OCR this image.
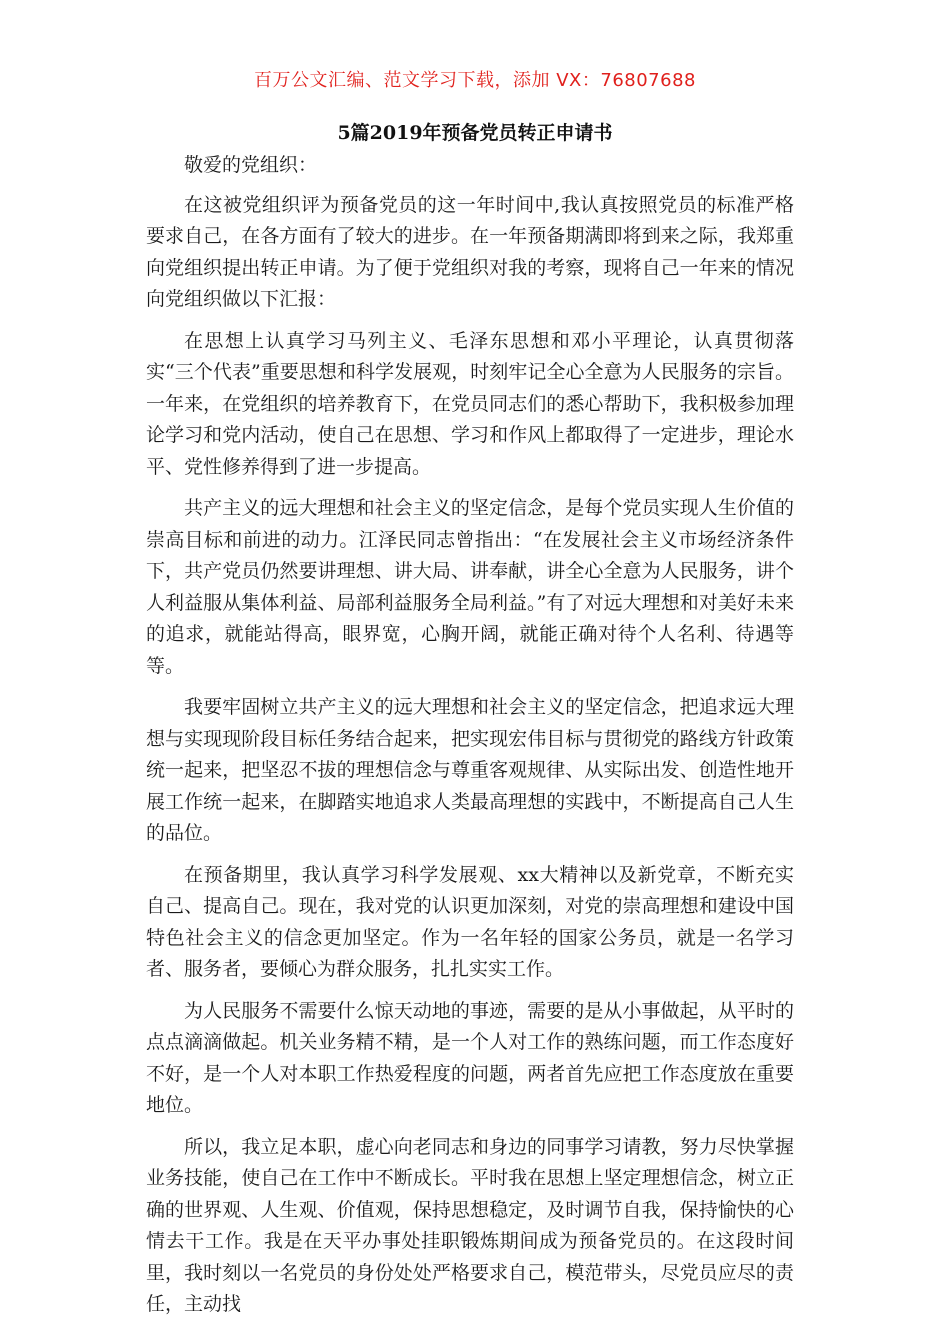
百万公文汇编、范文学习下载，添加 VX：76807688
5篇2019年预备党员转正申请书

敬爱的党组织：

在这被党组织评为预备党员的这一年时间中,我认真按照党员的标准严格要求自己，在各方面有了较大的进步。在一年预备期满即将到来之际，我郑重向党组织提出转正申请。为了便于党组织对我的考察，现将自己一年来的情况向党组织做以下汇报：

在思想上认真学习马列主义、毛泽东思想和邓小平理论，认真贯彻落实“三个代表”重要思想和科学发展观，时刻牢记全心全意为人民服务的宗旨。一年来，在党组织的培养教育下，在党员同志们的悉心帮助下，我积极参加理论学习和党内活动，使自己在思想、学习和作风上都取得了一定进步，理论水平、党性修养得到了进一步提高。

共产主义的远大理想和社会主义的坚定信念，是每个党员实现人生价值的崇高目标和前进的动力。江泽民同志曾指出：“在发展社会主义市场经济条件下，共产党员仍然要讲理想、讲大局、讲奉献，讲全心全意为人民服务，讲个人利益服从集体利益、局部利益服务全局利益。”有了对远大理想和对美好未来的追求，就能站得高，眼界宽，心胸开阔，就能正确对待个人名利、待遇等等。

我要牢固树立共产主义的远大理想和社会主义的坚定信念，把追求远大理想与实现现阶段目标任务结合起来，把实现宏伟目标与贯彻党的路线方针政策统一起来，把坚忍不拔的理想信念与尊重客观规律、从实际出发、创造性地开展工作统一起来，在脚踏实地追求人类最高理想的实践中，不断提高自己人生的品位。

在预备期里，我认真学习科学发展观、xx大精神以及新党章，不断充实自己、提高自己。现在，我对党的认识更加深刻，对党的崇高理想和建设中国特色社会主义的信念更加坚定。作为一名年轻的国家公务员，就是一名学习者、服务者，要倾心为群众服务，扎扎实实工作。

为人民服务不需要什么惊天动地的事迹，需要的是从小事做起，从平时的点点滴滴做起。机关业务精不精，是一个人对工作的熟练问题，而工作态度好不好，是一个人对本职工作热爱程度的问题，两者首先应把工作态度放在重要地位。

所以，我立足本职，虚心向老同志和身边的同事学习请教，努力尽快掌握业务技能，使自己在工作中不断成长。平时我在思想上坚定理想信念，树立正确的世界观、人生观、价值观，保持思想稳定，及时调节自我，保持愉快的心情去干工作。我是在天平办事处挂职锻炼期间成为预备党员的。在这段时间里，我时刻以一名党员的身份处处严格要求自己，模范带头，尽党员应尽的责任，主动找
